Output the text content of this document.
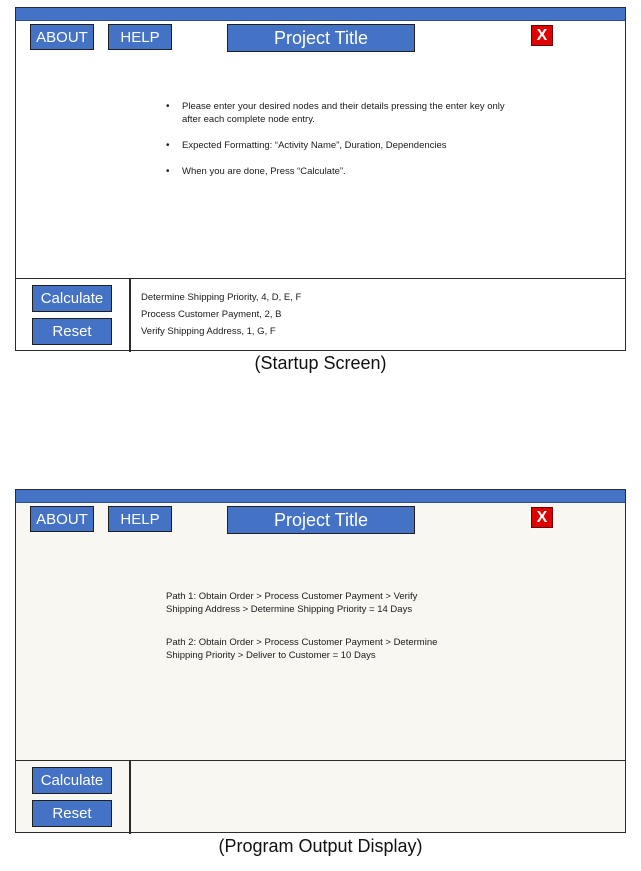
ABOUT	HELP	Project Title	X
• Please enter your desired nodes and their details pressing the enter key only after each complete node entry.
• Expected Formatting: “Activity Name”, Duration, Dependencies
• When you are done, Press “Calculate”.
Calculate
Reset
Determine Shipping Priority, 4, D, E, F
Process Customer Payment, 2, B
Verify Shipping Address, 1, G, F
(Startup Screen)
ABOUT	HELP	Project Title	X
Path 1: Obtain Order > Process Customer Payment > Verify
Shipping Address > Determine Shipping Priority = 14 Days
Path 2: Obtain Order > Process Customer Payment > Determine
Shipping Priority > Deliver to Customer = 10 Days
Calculate
Reset
(Program Output Display)
